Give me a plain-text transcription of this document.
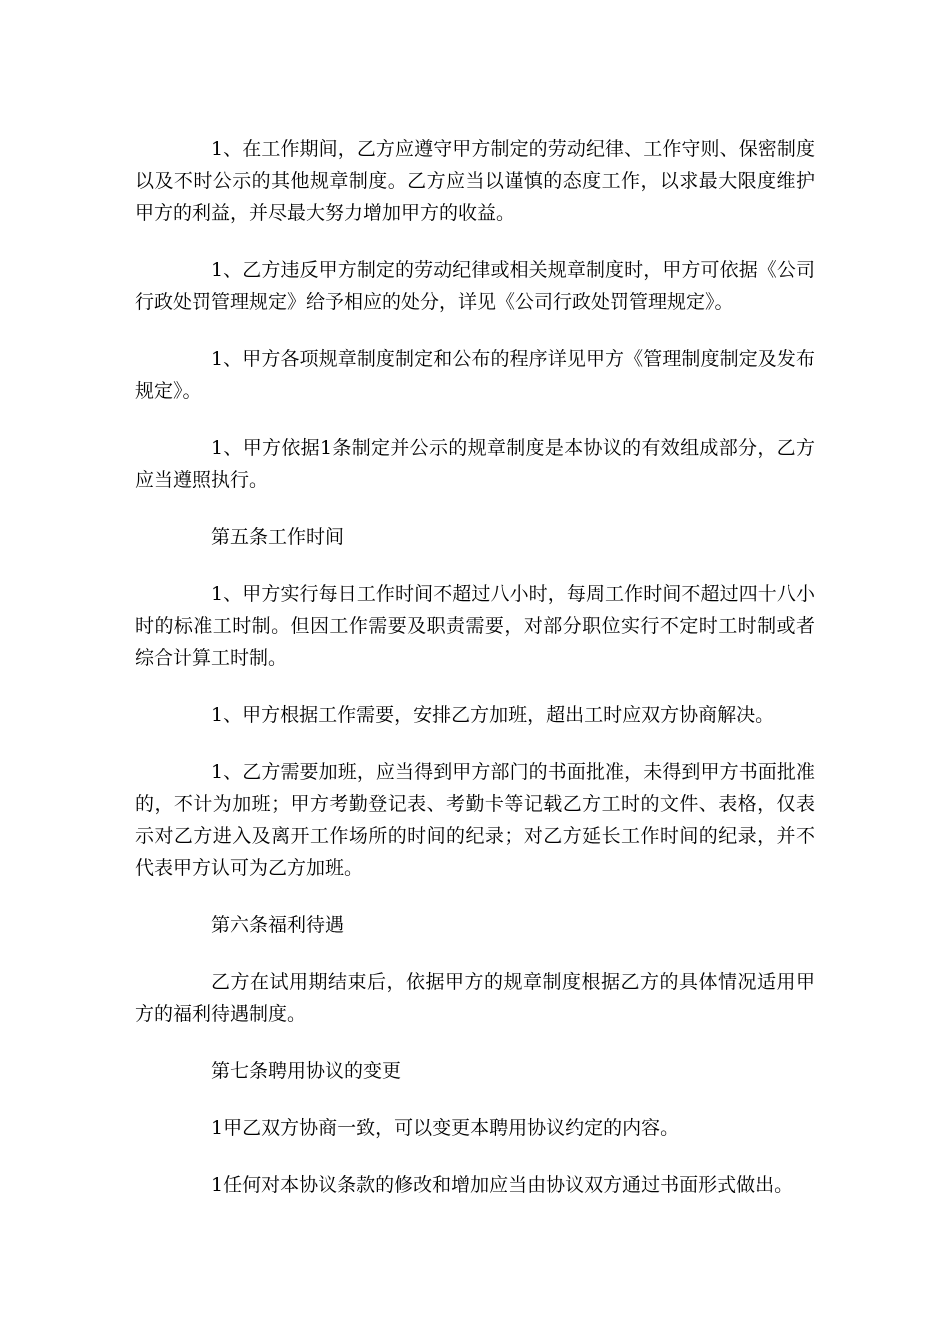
1、在工作期间，乙方应遵守甲方制定的劳动纪律、工作守则、保密制度以及不时公示的其他规章制度。乙方应当以谨慎的态度工作，以求最大限度维护甲方的利益，并尽最大努力增加甲方的收益。

1、乙方违反甲方制定的劳动纪律或相关规章制度时，甲方可依据《公司行政处罚管理规定》给予相应的处分，详见《公司行政处罚管理规定》。

1、甲方各项规章制度制定和公布的程序详见甲方《管理制度制定及发布规定》。

1、甲方依据1条制定并公示的规章制度是本协议的有效组成部分，乙方应当遵照执行。

第五条工作时间

1、甲方实行每日工作时间不超过八小时，每周工作时间不超过四十八小时的标准工时制。但因工作需要及职责需要，对部分职位实行不定时工时制或者综合计算工时制。

1、甲方根据工作需要，安排乙方加班，超出工时应双方协商解决。

1、乙方需要加班，应当得到甲方部门的书面批准，未得到甲方书面批准的，不计为加班；甲方考勤登记表、考勤卡等记载乙方工时的文件、表格，仅表示对乙方进入及离开工作场所的时间的纪录；对乙方延长工作时间的纪录，并不代表甲方认可为乙方加班。

第六条福利待遇

乙方在试用期结束后，依据甲方的规章制度根据乙方的具体情况适用甲方的福利待遇制度。

第七条聘用协议的变更

1甲乙双方协商一致，可以变更本聘用协议约定的内容。

1任何对本协议条款的修改和增加应当由协议双方通过书面形式做出。
